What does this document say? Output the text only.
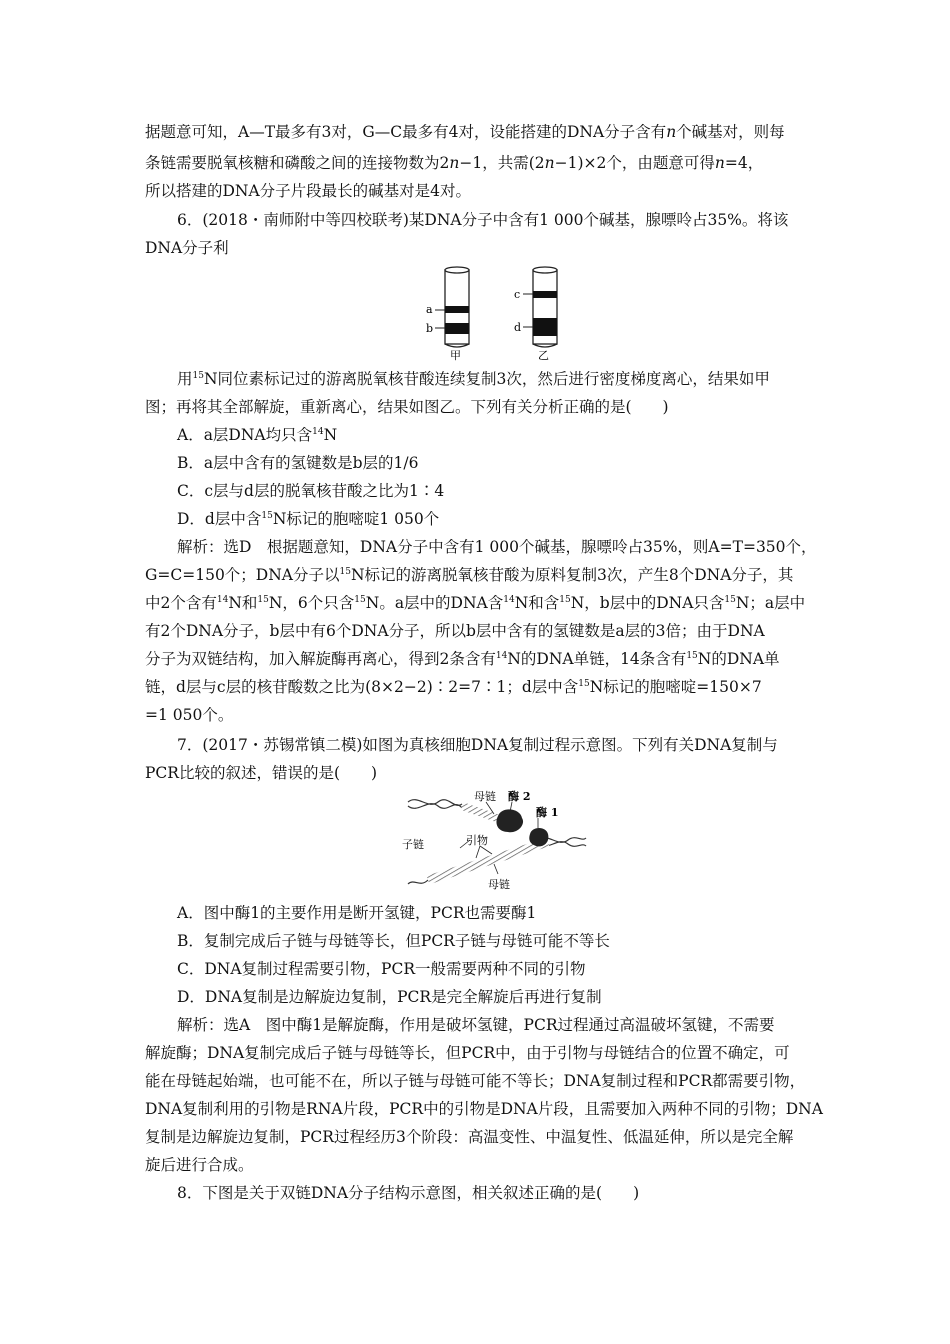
据题意可知，A—T最多有3对，G—C最多有4对，设能搭建的DNA分子含有n个碱基对，则每
条链需要脱氧核糖和磷酸之间的连接物数为2n−1，共需(2n−1)×2个，由题意可得n=4，
所以搭建的DNA分子片段最长的碱基对是4对。
6．(2018・南师附中等四校联考)某DNA分子中含有1 000个碱基，腺嘌呤占35%。将该
DNA分子利
a
b
甲
c
d
乙
用$^{15}$N同位素标记过的游离脱氧核苷酸连续复制3次，然后进行密度梯度离心，结果如甲
图；再将其全部解旋，重新离心，结果如图乙。下列有关分析正确的是(　　)
A．a层DNA均只含$^{14}$N
B．a层中含有的氢键数是b层的1/6
C．c层与d层的脱氧核苷酸之比为1∶4
D．d层中含$^{15}$N标记的胞嘧啶1 050个
解析：选D　根据题意知，DNA分子中含有1 000个碱基，腺嘌呤占35%，则A=T=350个，
G=C=150个；DNA分子以$^{15}$N标记的游离脱氧核苷酸为原料复制3次，产生8个DNA分子，其
中2个含有$^{14}$N和$^{15}$N，6个只含$^{15}$N。a层中的DNA含$^{14}$N和含$^{15}$N，b层中的DNA只含$^{15}$N；a层中
有2个DNA分子，b层中有6个DNA分子，所以b层中含有的氢键数是a层的3倍；由于DNA
分子为双链结构，加入解旋酶再离心，得到2条含有$^{14}$N的DNA单链，14条含有$^{15}$N的DNA单
链，d层与c层的核苷酸数之比为(8×2−2)∶2=7∶1；d层中含$^{15}$N标记的胞嘧啶=150×7
=1 050个。
7．(2017・苏锡常镇二模)如图为真核细胞DNA复制过程示意图。下列有关DNA复制与
PCR比较的叙述，错误的是(　　)
母链 酶 2
酶 1
子链	引物
母链
A．图中酶1的主要作用是断开氢键，PCR也需要酶1
B．复制完成后子链与母链等长，但PCR子链与母链可能不等长
C．DNA复制过程需要引物，PCR一般需要两种不同的引物
D．DNA复制是边解旋边复制，PCR是完全解旋后再进行复制
解析：选A　图中酶1是解旋酶，作用是破坏氢键，PCR过程通过高温破坏氢键，不需要
解旋酶；DNA复制完成后子链与母链等长，但PCR中，由于引物与母链结合的位置不确定，可
能在母链起始端，也可能不在，所以子链与母链可能不等长；DNA复制过程和PCR都需要引物，
DNA复制利用的引物是RNA片段，PCR中的引物是DNA片段，且需要加入两种不同的引物；DNA
复制是边解旋边复制，PCR过程经历3个阶段：高温变性、中温复性、低温延伸，所以是完全解
旋后进行合成。
8．下图是关于双链DNA分子结构示意图，相关叙述正确的是(　　)
